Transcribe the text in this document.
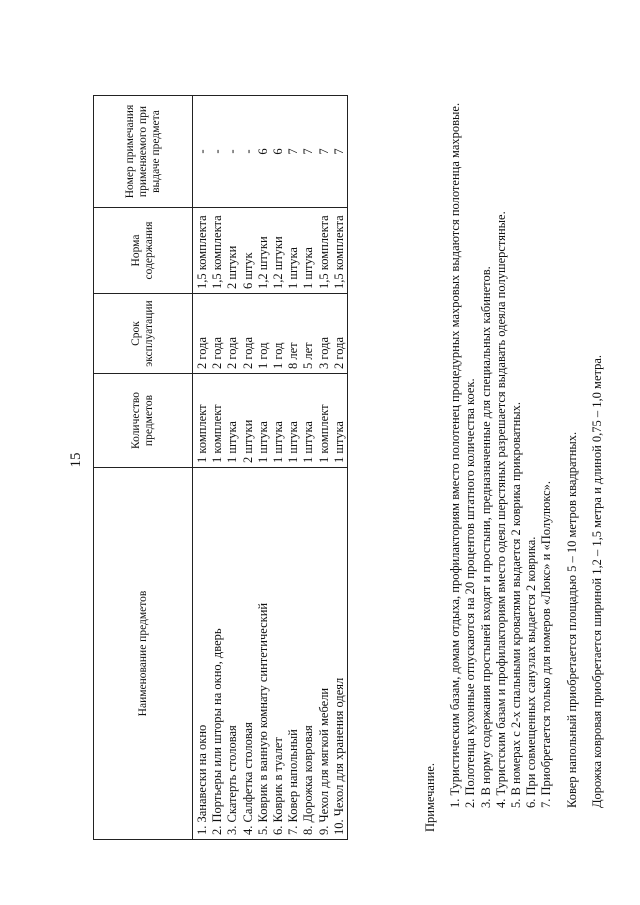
15
Наименование предметов	Количество предметов	Срок эксплуатации	Норма содержания	Номер примечания применяемого при выдаче предмета
1. Занавески на окно	1 комплект	2 года	1,5 комплекта	-
2. Портьеры или шторы на окно, дверь	1 комплект	2 года	1,5 комплекта	-
3. Скатерть столовая	1 штука	2 года	2 штуки	-
4. Салфетка столовая	2 штуки	2 года	6 штук	-
5. Коврик в ванную комнату синтетический	1 штука	1 год	1,2 штуки	6
6. Коврик в туалет	1 штука	1 год	1,2 штуки	6
7. Ковер напольный	1 штука	8 лет	1 штука	7
8. Дорожка ковровая	1 штука	5 лет	1 штука	7
9. Чехол для мягкой мебели	1 комплект	3 года	1,5 комплекта	7
10. Чехол для хранения одеял	1 штука	2 года	1,5 комплекта	7

Примечание. 1. Туристическим базам, домам отдыха, профилакториям вместо полотенец процедурных махровых выдаются полотенца махровые. 2. Полотенца кухонные отпускаются на 20 процентов штатного количества коек. 3. В норму содержания простыней входят и простыни, предназначенные для специальных кабинетов. 4. Туристским базам и профилакториям вместо одеял шерстяных разрешается выдавать одеяла полушерстяные. 5. В номерах с 2-х спальными кроватями выдается 2 коврика прикроватных. 6. При совмещенных санузлах выдается 2 коврика. 7. Приобретается только для номеров «Люкс» и «Полулюкс». Ковер напольный приобретается площадью 5 – 10 метров квадратных. Дорожка ковровая приобретается шириной 1,2 – 1,5 метра и длиной 0,75 – 1,0 метра.
